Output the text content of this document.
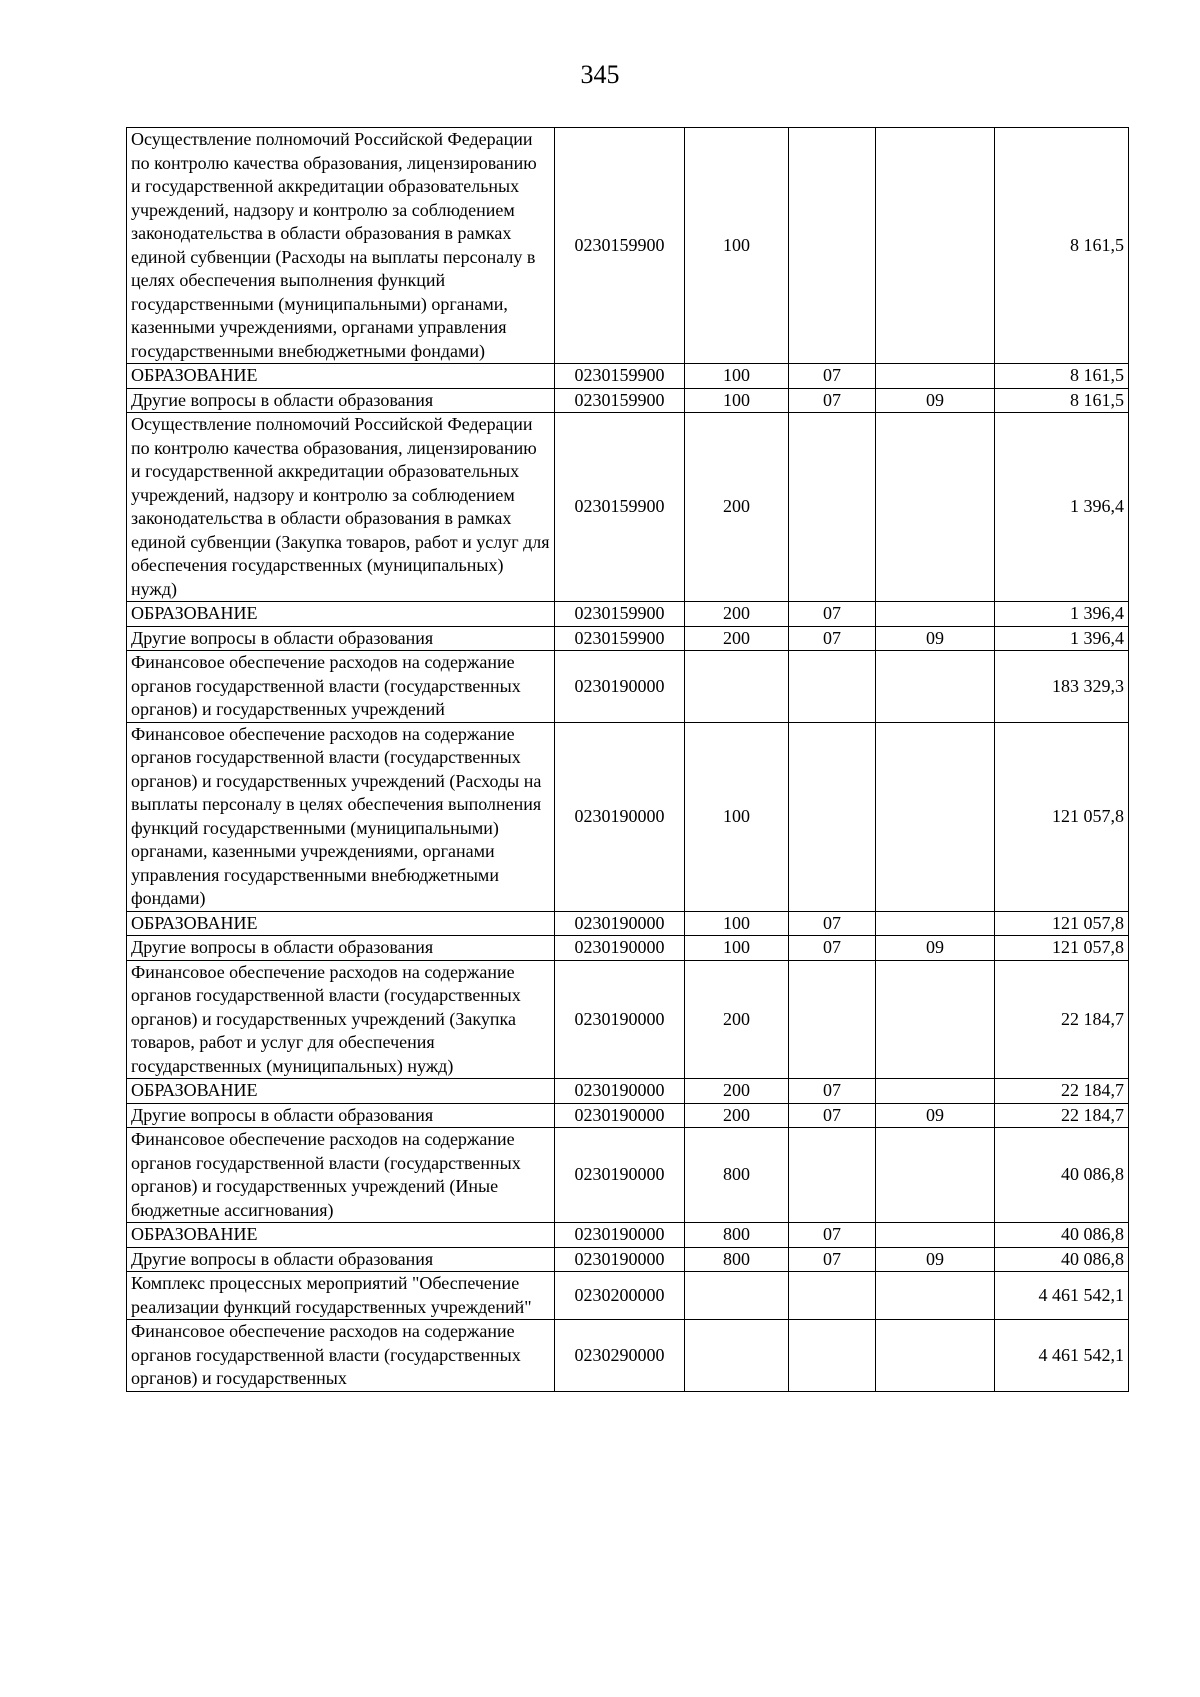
345
Осуществление полномочий Российской Федерации по контролю качества образования, лицензированию и государственной аккредитации образовательных учреждений, надзору и контролю за соблюдением законодательства в области образования в рамках единой субвенции (Расходы на выплаты персоналу в целях обеспечения выполнения функций государственными (муниципальными) органами, казенными учреждениями, органами управления государственными внебюджетными фондами)	0230159900	100			8 161,5
ОБРАЗОВАНИЕ	0230159900	100	07		8 161,5
Другие вопросы в области образования	0230159900	100	07	09	8 161,5
Осуществление полномочий Российской Федерации по контролю качества образования, лицензированию и государственной аккредитации образовательных учреждений, надзору и контролю за соблюдением законодательства в области образования в рамках единой субвенции (Закупка товаров, работ и услуг для обеспечения государственных (муниципальных) нужд)	0230159900	200			1 396,4
ОБРАЗОВАНИЕ	0230159900	200	07		1 396,4
Другие вопросы в области образования	0230159900	200	07	09	1 396,4
Финансовое обеспечение расходов на содержание органов государственной власти (государственных органов) и государственных учреждений	0230190000				183 329,3
Финансовое обеспечение расходов на содержание органов государственной власти (государственных органов) и государственных учреждений (Расходы на выплаты персоналу в целях обеспечения выполнения функций государственными (муниципальными) органами, казенными учреждениями, органами управления государственными внебюджетными фондами)	0230190000	100			121 057,8
ОБРАЗОВАНИЕ	0230190000	100	07		121 057,8
Другие вопросы в области образования	0230190000	100	07	09	121 057,8
Финансовое обеспечение расходов на содержание органов государственной власти (государственных органов) и государственных учреждений (Закупка товаров, работ и услуг для обеспечения государственных (муниципальных) нужд)	0230190000	200			22 184,7
ОБРАЗОВАНИЕ	0230190000	200	07		22 184,7
Другие вопросы в области образования	0230190000	200	07	09	22 184,7
Финансовое обеспечение расходов на содержание органов государственной власти (государственных органов) и государственных учреждений (Иные бюджетные ассигнования)	0230190000	800			40 086,8
ОБРАЗОВАНИЕ	0230190000	800	07		40 086,8
Другие вопросы в области образования	0230190000	800	07	09	40 086,8
Комплекс процессных мероприятий "Обеспечение реализации функций государственных учреждений"	0230200000				4 461 542,1
Финансовое обеспечение расходов на содержание органов государственной власти (государственных органов) и государственных	0230290000				4 461 542,1
